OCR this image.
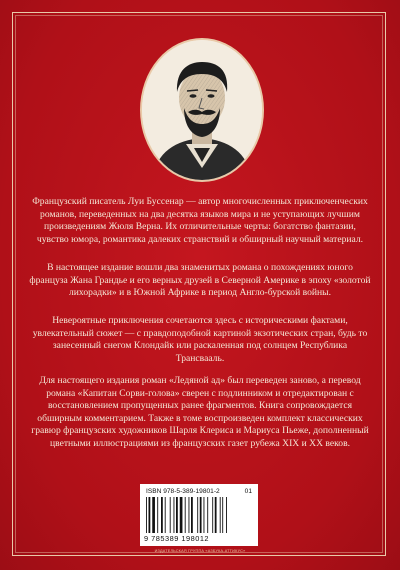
Французский писатель Луи Буссенар — автор многочисленных приключенческих романов, переведенных на два десятка языков мира и не уступающих лучшим произведениям Жюля Верна. Их отличительные черты: богатство фантазии, чувство юмора, романтика далеких странствий и обширный научный материал.
В настоящее издание вошли два знаменитых романа о похождениях юного француза Жана Грандье и его верных друзей в Северной Америке в эпоху «золотой лихорадки» и в Южной Африке в период Англо-бурской войны.
Невероятные приключения сочетаются здесь с историческими фактами, увлекательный сюжет — с правдоподобной картиной экзотических стран, будь то занесенный снегом Клондайк или раскаленная под солнцем Республика Трансвааль.
Для настоящего издания роман «Ледяной ад» был переведен заново, а перевод романа «Капитан Сорви-голова» сверен с подлинником и отредактирован с восстановлением пропущенных ранее фрагментов. Книга сопровождается обширным комментарием. Также в томе воспроизведен комплект классических гравюр французских художников Шарля Клериса и Мариуса Пьеже, дополненный цветными иллюстрациями из французских газет рубежа XIX и XX веков.
ISBN 978-5-389-19801-2	01
9 785389 198012
ИЗДАТЕЛЬСКАЯ ГРУППА «АЗБУКА-АТТИКУС»
